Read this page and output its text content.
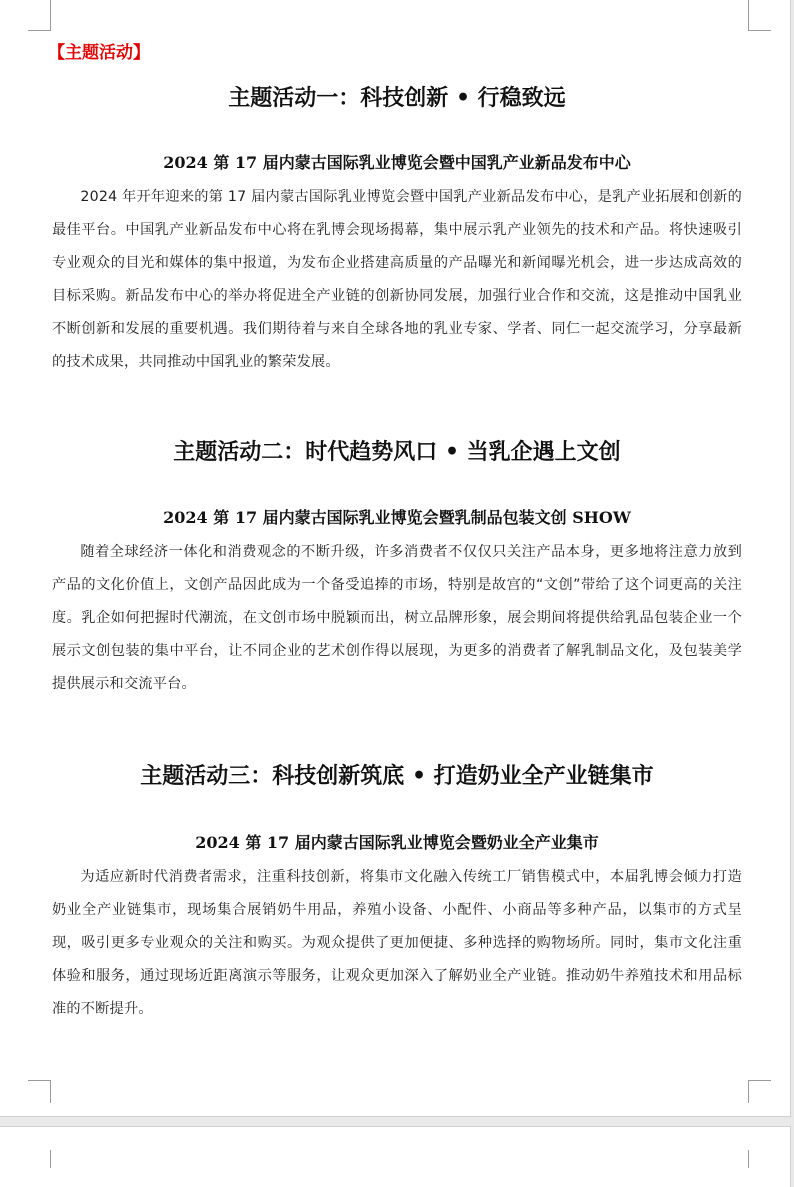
【主题活动】
主题活动一：科技创新 • 行稳致远
2024 第 17 届内蒙古国际乳业博览会暨中国乳产业新品发布中心

2024 年开年迎来的第 17 届内蒙古国际乳业博览会暨中国乳产业新品发布中心，是乳产业拓展和创新的最佳平台。中国乳产业新品发布中心将在乳博会现场揭幕，集中展示乳产业领先的技术和产品。将快速吸引专业观众的目光和媒体的集中报道，为发布企业搭建高质量的产品曝光和新闻曝光机会，进一步达成高效的目标采购。新品发布中心的举办将促进全产业链的创新协同发展，加强行业合作和交流，这是推动中国乳业不断创新和发展的重要机遇。我们期待着与来自全球各地的乳业专家、学者、同仁一起交流学习，分享最新的技术成果，共同推动中国乳业的繁荣发展。

主题活动二：时代趋势风口 • 当乳企遇上文创
2024 第 17 届内蒙古国际乳业博览会暨乳制品包装文创 SHOW

随着全球经济一体化和消费观念的不断升级，许多消费者不仅仅只关注产品本身，更多地将注意力放到产品的文化价值上，文创产品因此成为一个备受追捧的市场，特别是故宫的“文创”带给了这个词更高的关注度。乳企如何把握时代潮流，在文创市场中脱颖而出，树立品牌形象，展会期间将提供给乳品包装企业一个展示文创包装的集中平台，让不同企业的艺术创作得以展现，为更多的消费者了解乳制品文化，及包装美学提供展示和交流平台。

主题活动三：科技创新筑底 • 打造奶业全产业链集市
2024 第 17 届内蒙古国际乳业博览会暨奶业全产业集市

为适应新时代消费者需求，注重科技创新，将集市文化融入传统工厂销售模式中，本届乳博会倾力打造奶业全产业链集市，现场集合展销奶牛用品，养殖小设备、小配件、小商品等多种产品，以集市的方式呈现，吸引更多专业观众的关注和购买。为观众提供了更加便捷、多种选择的购物场所。同时，集市文化注重体验和服务，通过现场近距离演示等服务，让观众更加深入了解奶业全产业链。推动奶牛养殖技术和用品标准的不断提升。
